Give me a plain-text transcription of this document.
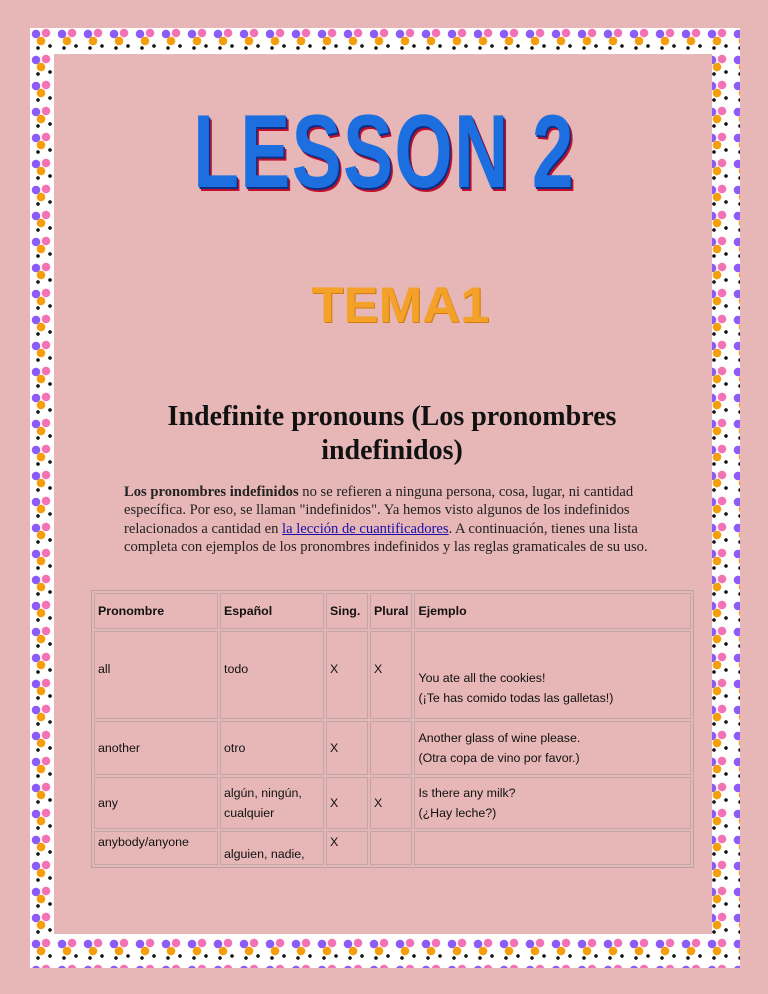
LESSON 2
TEMA1
Indefinite pronouns (Los pronombres indefinidos)

Los pronombres indefinidos no se refieren a ninguna persona, cosa, lugar, ni cantidad específica. Por eso, se llaman "indefinidos". Ya hemos visto algunos de los indefinidos relacionados a cantidad en la lección de cuantificadores. A continuación, tienes una lista completa con ejemplos de los pronombres indefinidos y las reglas gramaticales de su uso.

Pronombre	Español	Sing.	Plural	Ejemplo
all	todo	X	X	You ate all the cookies!
(¡Te has comido todas las galletas!)

another	otro	X		Another glass of wine please.
(Otra copa de vino por favor.)

any	algún, ningún, cualquier	X	X	Is there any milk?
(¿Hay leche?)

anybody/anyone	alguien, nadie,	X		
